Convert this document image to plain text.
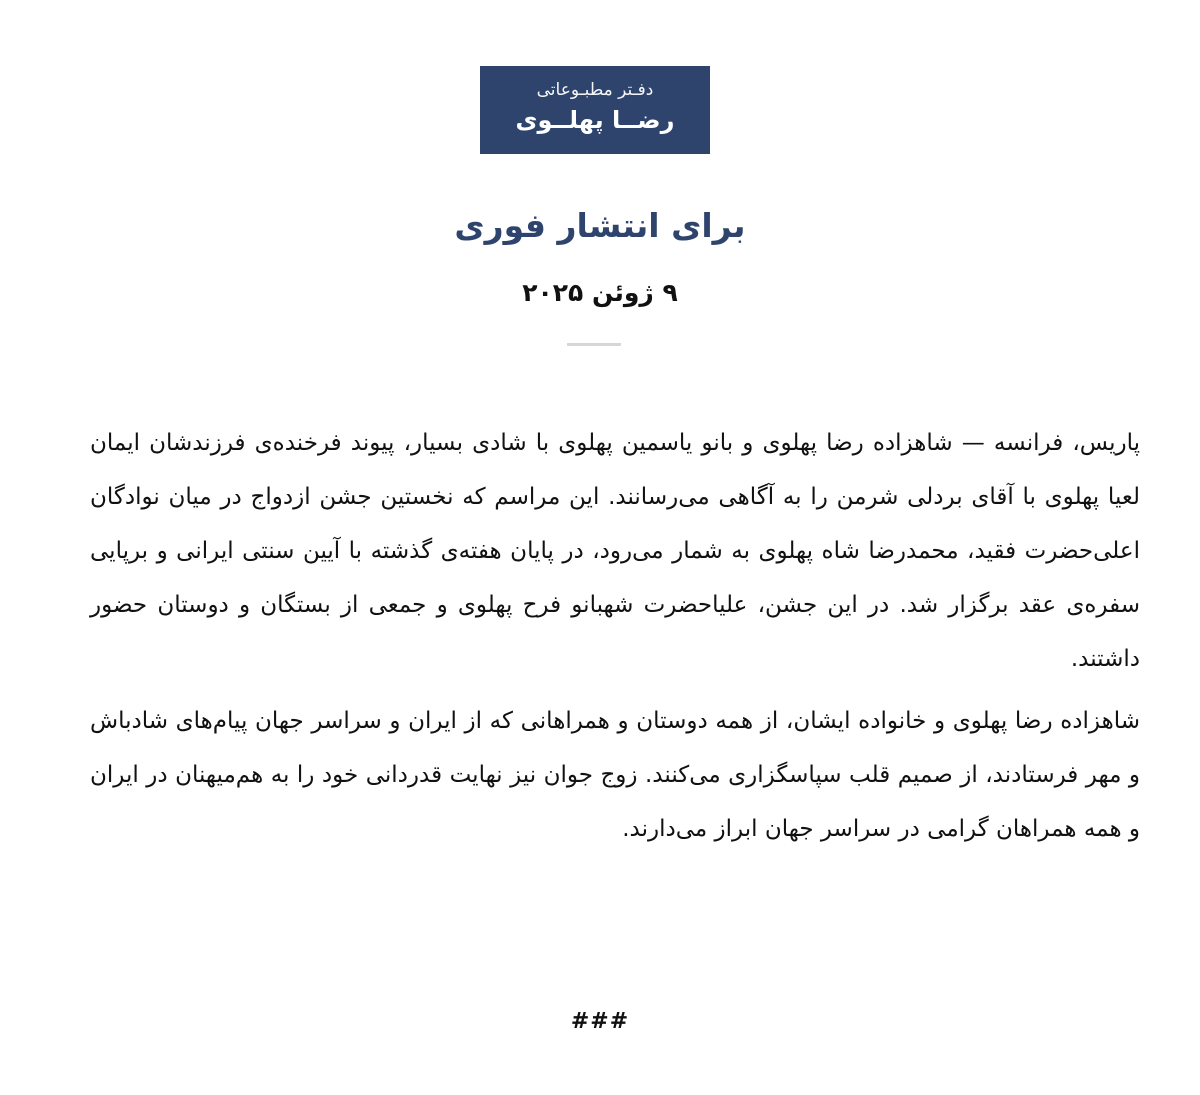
دفـتر مطبـوعاتی
رضــا پهلــوی
برای انتشار فوری
۹ ژوئن ۲۰۲۵

پاریس، فرانسه — شاهزاده رضا پهلوی و بانو یاسمین پهلوی با شادی بسیار، پیوند فرخنده‌ی فرزندشان ایمان لعیا پهلوی با آقای بردلی شرمن را به آگاهی می‌رسانند. این مراسم که نخستین جشن ازدواج در میان نوادگان اعلی‌حضرت فقید، محمدرضا شاه پهلوی به شمار می‌رود، در پایان هفته‌ی گذشته با آیین سنتی ایرانی و برپایی سفره‌ی عقد برگزار شد. در این جشن، علیاحضرت شهبانو فرح پهلوی و جمعی از بستگان و دوستان حضور داشتند.

شاهزاده رضا پهلوی و خانواده ایشان، از همه دوستان و همراهانی که از ایران و سراسر جهان پیام‌های شادباش و مهر فرستادند، از صمیم قلب سپاسگزاری می‌کنند. زوج جوان نیز نهایت قدردانی خود را به هم‌میهنان در ایران و همه همراهان گرامی در سراسر جهان ابراز می‌دارند.

###
